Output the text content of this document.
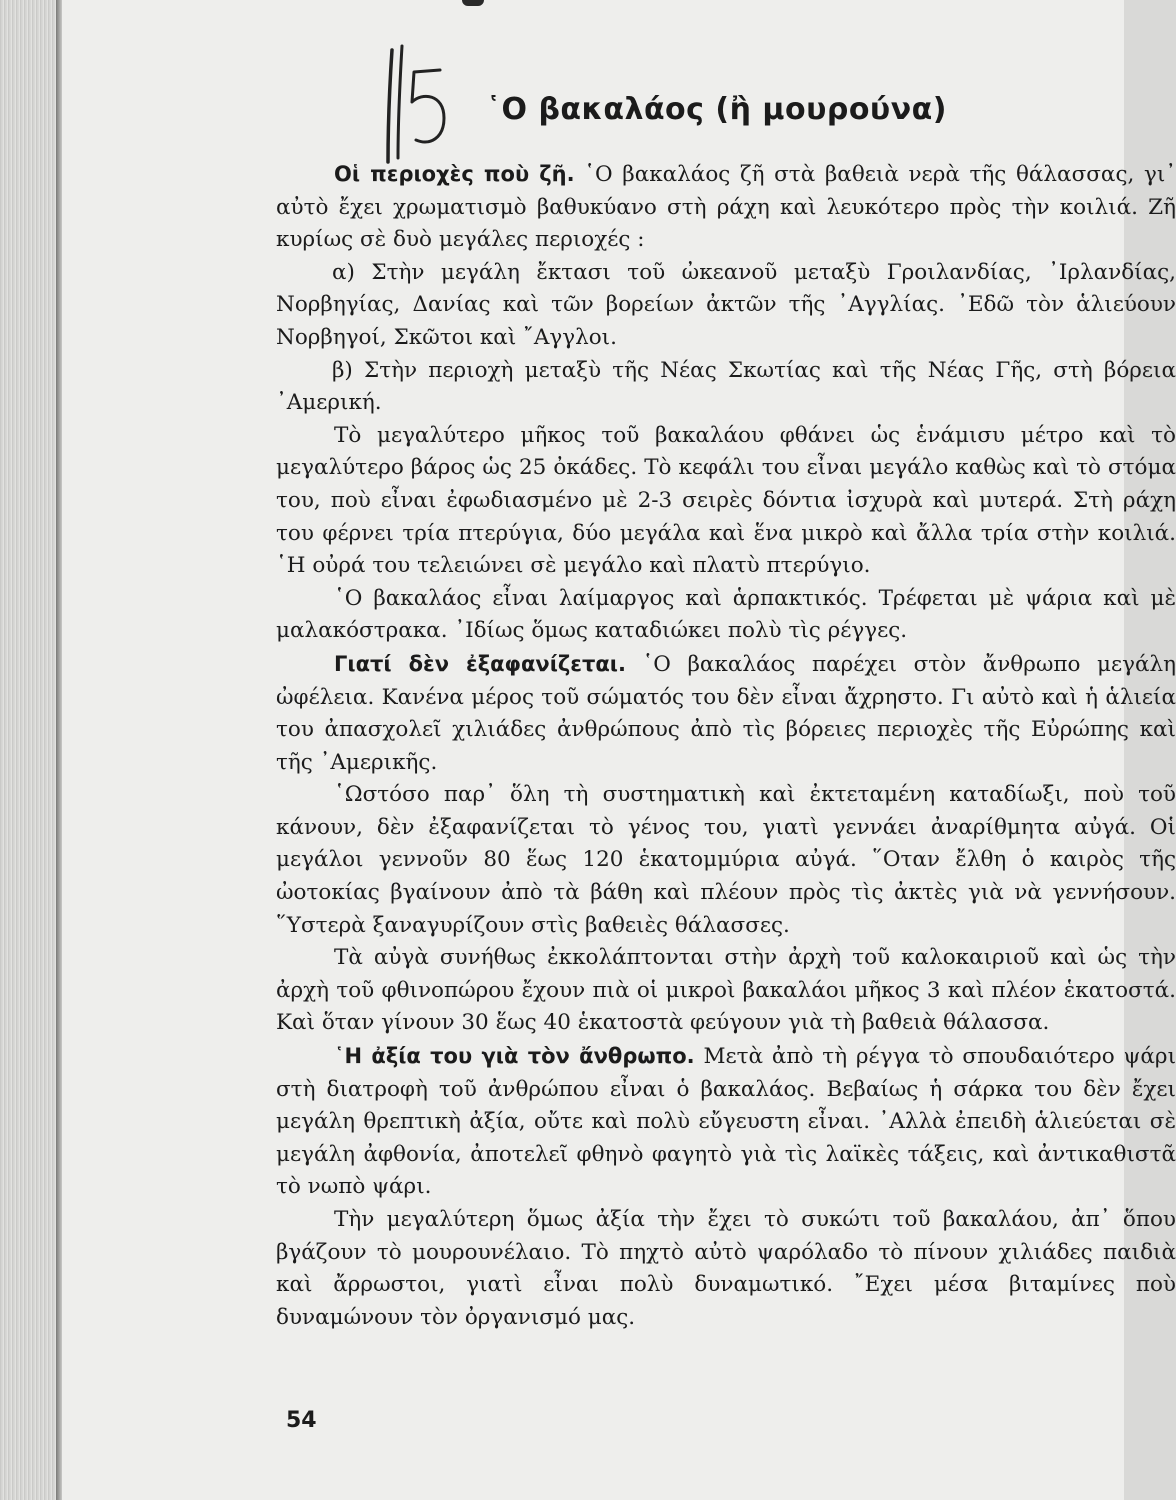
῾Ο βακαλάος (ἢ μουρούνα)

Οἱ περιοχὲς ποὺ ζῆ. ῾Ο βακαλάος ζῆ στὰ βαθειὰ νερὰ τῆς θάλασσας, γι᾽ αὐτὸ ἔχει χρωματισμὸ βαθυκύανο στὴ ράχη καὶ λευκότερο πρὸς τὴν κοιλιά. Ζῆ κυρίως σὲ δυὸ μεγάλες περιοχές :

α) Στὴν μεγάλη ἔκτασι τοῦ ὠκεανοῦ μεταξὺ Γροιλανδίας, ᾿Ιρλανδίας, Νορβηγίας, Δανίας καὶ τῶν βορείων ἀκτῶν τῆς ᾿Αγγλίας. ᾿Εδῶ τὸν ἁλιεύουν Νορβηγοί, Σκῶτοι καὶ ῎Αγγλοι.

β) Στὴν περιοχὴ μεταξὺ τῆς Νέας Σκωτίας καὶ τῆς Νέας Γῆς, στὴ βόρεια ᾿Αμερική.

Τὸ μεγαλύτερο μῆκος τοῦ βακαλάου φθάνει ὡς ἑνάμισυ μέτρο καὶ τὸ μεγαλύτερο βάρος ὡς 25 ὀκάδες. Τὸ κεφάλι του εἶναι μεγάλο καθὼς καὶ τὸ στόμα του, ποὺ εἶναι ἐφωδιασμένο μὲ 2-3 σειρὲς δόντια ἰσχυρὰ καὶ μυτερά. Στὴ ράχη του φέρνει τρία πτερύγια, δύο μεγάλα καὶ ἕνα μικρὸ καὶ ἄλλα τρία στὴν κοιλιά. ῾Η οὐρά του τελειώνει σὲ μεγάλο καὶ πλατὺ πτερύγιο.

῾Ο βακαλάος εἶναι λαίμαργος καὶ ἁρπακτικός. Τρέφεται μὲ ψάρια καὶ μὲ μαλακόστρακα. ᾿Ιδίως ὅμως καταδιώκει πολὺ τὶς ρέγγες.

Γιατί δὲν ἐξαφανίζεται. ῾Ο βακαλάος παρέχει στὸν ἄνθρωπο μεγάλη ὠφέλεια. Κανένα μέρος τοῦ σώματός του δὲν εἶναι ἄχρηστο. Γι αὐτὸ καὶ ἡ ἁλιεία του ἀπασχολεῖ χιλιάδες ἀνθρώπους ἀπὸ τὶς βόρειες περιοχὲς τῆς Εὐρώπης καὶ τῆς ᾿Αμερικῆς.

῾Ωστόσο παρ᾽ ὅλη τὴ συστηματικὴ καὶ ἐκτεταμένη καταδίωξι, ποὺ τοῦ κάνουν, δὲν ἐξαφανίζεται τὸ γένος του, γιατὶ γεννάει ἀναρίθμητα αὐγά. Οἱ μεγάλοι γεννοῦν 80 ἕως 120 ἑκατομμύρια αὐγά. ῞Οταν ἔλθη ὁ καιρὸς τῆς ὠοτοκίας βγαίνουν ἀπὸ τὰ βάθη καὶ πλέουν πρὸς τὶς ἀκτὲς γιὰ νὰ γεννήσουν. ῞Υστερὰ ξαναγυρίζουν στὶς βαθειὲς θάλασσες.

Τὰ αὐγὰ συνήθως ἐκκολάπτονται στὴν ἀρχὴ τοῦ καλοκαιριοῦ καὶ ὡς τὴν ἀρχὴ τοῦ φθινοπώρου ἔχουν πιὰ οἱ μικροὶ βακαλάοι μῆκος 3 καὶ πλέον ἑκατοστά. Καὶ ὅταν γίνουν 30 ἕως 40 ἑκατοστὰ φεύγουν γιὰ τὴ βαθειὰ θάλασσα.

῾Η ἀξία του γιὰ τὸν ἄνθρωπο. Μετὰ ἀπὸ τὴ ρέγγα τὸ σπουδαιότερο ψάρι στὴ διατροφὴ τοῦ ἀνθρώπου εἶναι ὁ βακαλάος. Βεβαίως ἡ σάρκα του δὲν ἔχει μεγάλη θρεπτικὴ ἀξία, οὔτε καὶ πολὺ εὔγευστη εἶναι. ᾿Αλλὰ ἐπειδὴ ἁλιεύεται σὲ μεγάλη ἀφθονία, ἀποτελεῖ φθηνὸ φαγητὸ γιὰ τὶς λαϊκὲς τάξεις, καὶ ἀντικαθιστᾶ τὸ νωπὸ ψάρι.

Τὴν μεγαλύτερη ὅμως ἀξία τὴν ἔχει τὸ συκώτι τοῦ βακαλάου, ἀπ᾽ ὅπου βγάζουν τὸ μουρουνέλαιο. Τὸ πηχτὸ αὐτὸ ψαρόλαδο τὸ πίνουν χιλιάδες παιδιὰ καὶ ἄρρωστοι, γιατὶ εἶναι πολὺ δυναμωτικό. ῎Εχει μέσα βιταμίνες ποὺ δυναμώνουν τὸν ὀργανισμό μας.

54
